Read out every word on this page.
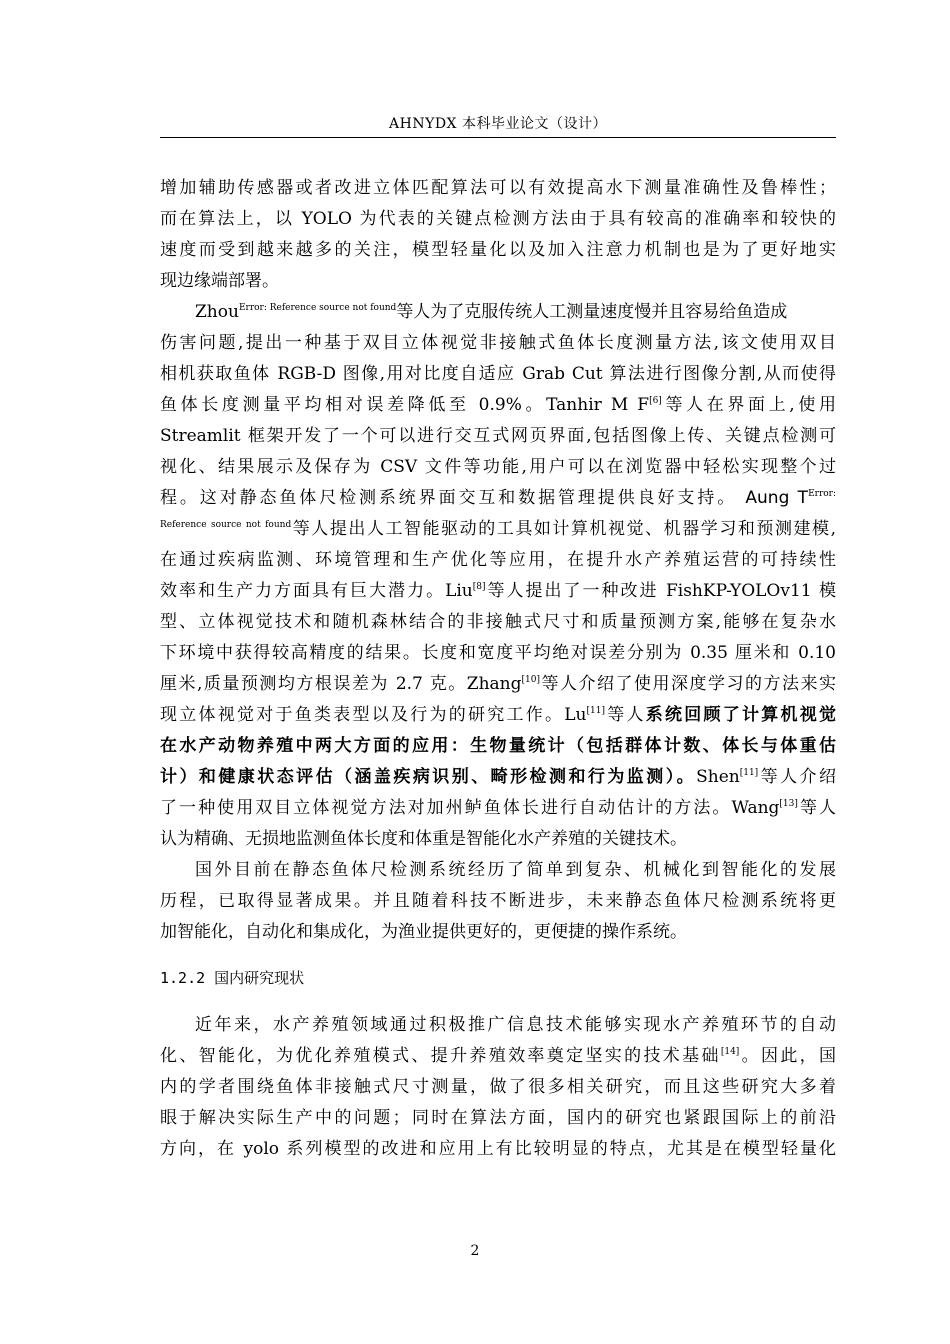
AHNYDX 本科毕业论文（设计）
增加辅助传感器或者改进立体匹配算法可以有效提高水下测量准确性及鲁棒性；
而在算法上，以 YOLO 为代表的关键点检测方法由于具有较高的准确率和较快的
速度而受到越来越多的关注，模型轻量化以及加入注意力机制也是为了更好地实
现边缘端部署。
Zhou$^{Error: Reference source not found}$等人为了克服传统人工测量速度慢并且容易给鱼造成
伤害问题,提出一种基于双目立体视觉非接触式鱼体长度测量方法,该文使用双目
相机获取鱼体 RGB-D 图像,用对比度自适应 Grab Cut 算法进行图像分割,从而使得
鱼体长度测量平均相对误差降低至 0.9%。Tanhir M F[6]等人在界面上,使用
Streamlit 框架开发了一个可以进行交互式网页界面,包括图像上传、关键点检测可
视化、结果展示及保存为 CSV 文件等功能,用户可以在浏览器中轻松实现整个过
程。这对静态鱼体尺检测系统界面交互和数据管理提供良好支持。 Aung $T^{Error:}$
$^{Reference source not found}$等人提出人工智能驱动的工具如计算机视觉、机器学习和预测建模,
在通过疾病监测、环境管理和生产优化等应用，在提升水产养殖运营的可持续性
效率和生产力方面具有巨大潜力。Liu[8]等人提出了一种改进 FishKP-YOLOv11 模
型、立体视觉技术和随机森林结合的非接触式尺寸和质量预测方案,能够在复杂水
下环境中获得较高精度的结果。长度和宽度平均绝对误差分别为 0.35 厘米和 0.10
厘米,质量预测均方根误差为 2.7 克。Zhang[10]等人介绍了使用深度学习的方法来实
现立体视觉对于鱼类表型以及行为的研究工作。Lu[11]等人系统回顾了计算机视觉
在水产动物养殖中两大方面的应用：生物量统计（包括群体计数、体长与体重估
计）和健康状态评估（涵盖疾病识别、畸形检测和行为监测）。Shen[11]等人介绍
了一种使用双目立体视觉方法对加州鲈鱼体长进行自动估计的方法。Wang[13]等人
认为精确、无损地监测鱼体长度和体重是智能化水产养殖的关键技术。
国外目前在静态鱼体尺检测系统经历了简单到复杂、机械化到智能化的发展
历程，已取得显著成果。并且随着科技不断进步，未来静态鱼体尺检测系统将更
加智能化，自动化和集成化，为渔业提供更好的，更便捷的操作系统。
1.2.2 国内研究现状
近年来，水产养殖领域通过积极推广信息技术能够实现水产养殖环节的自动
化、智能化，为优化养殖模式、提升养殖效率奠定坚实的技术基础[14]。因此，国
内的学者围绕鱼体非接触式尺寸测量，做了很多相关研究，而且这些研究大多着
眼于解决实际生产中的问题；同时在算法方面，国内的研究也紧跟国际上的前沿
方向，在 yolo 系列模型的改进和应用上有比较明显的特点，尤其是在模型轻量化
2
